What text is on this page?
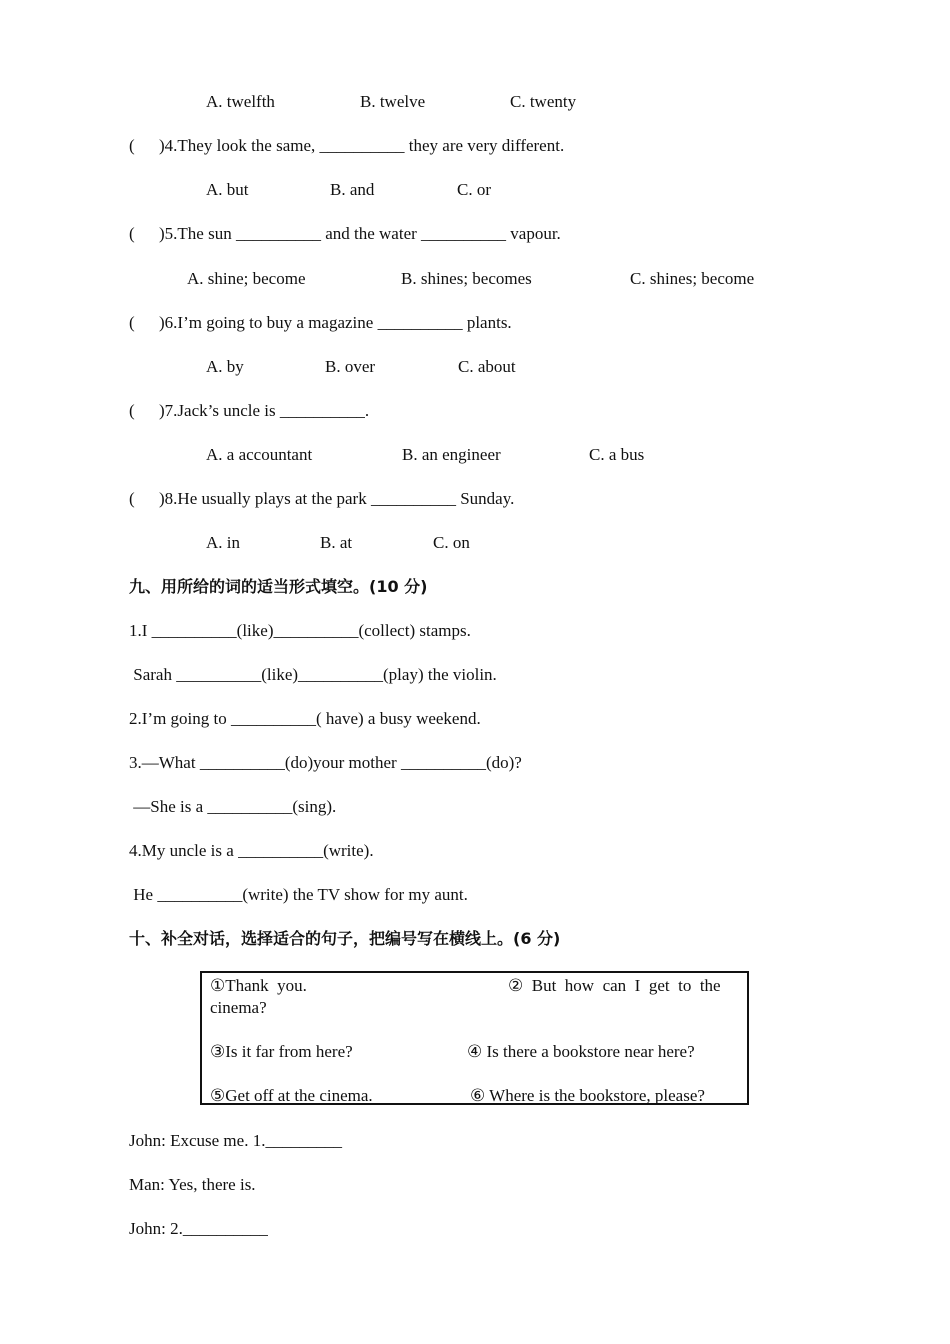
A. twelfth	B. twelve	C. twenty
( )4.They look the same, __________ they are very different.
A. but	B. and	C. or
( )5.The sun __________ and the water __________ vapour.
A. shine; become	B. shines; becomes	C. shines; become
( )6.I’m going to buy a magazine __________ plants.
A. by	B. over	C. about
( )7.Jack’s uncle is __________.
A. a accountant	B. an engineer	C. a bus
( )8.He usually plays at the park __________ Sunday.
A. in	B. at	C. on
九、用所给的词的适当形式填空。(10 分)
1.I __________(like)__________(collect) stamps.
Sarah __________(like)__________(play) the violin.
2.I’m going to __________( have) a busy weekend.
3.—What __________(do)your mother __________(do)?
—She is a __________(sing).
4.My uncle is a __________(write).
He __________(write) the TV show for my aunt.
十、补全对话，选择适合的句子，把编号写在横线上。(6 分)
①Thank  you.	②  But  how  can  I  get  to  the
cinema?
③Is it far from here?	④ Is there a bookstore near here?
⑤Get off at the cinema.	⑥ Where is the bookstore, please?
John: Excuse me. 1._________
Man: Yes, there is.
John: 2.__________
